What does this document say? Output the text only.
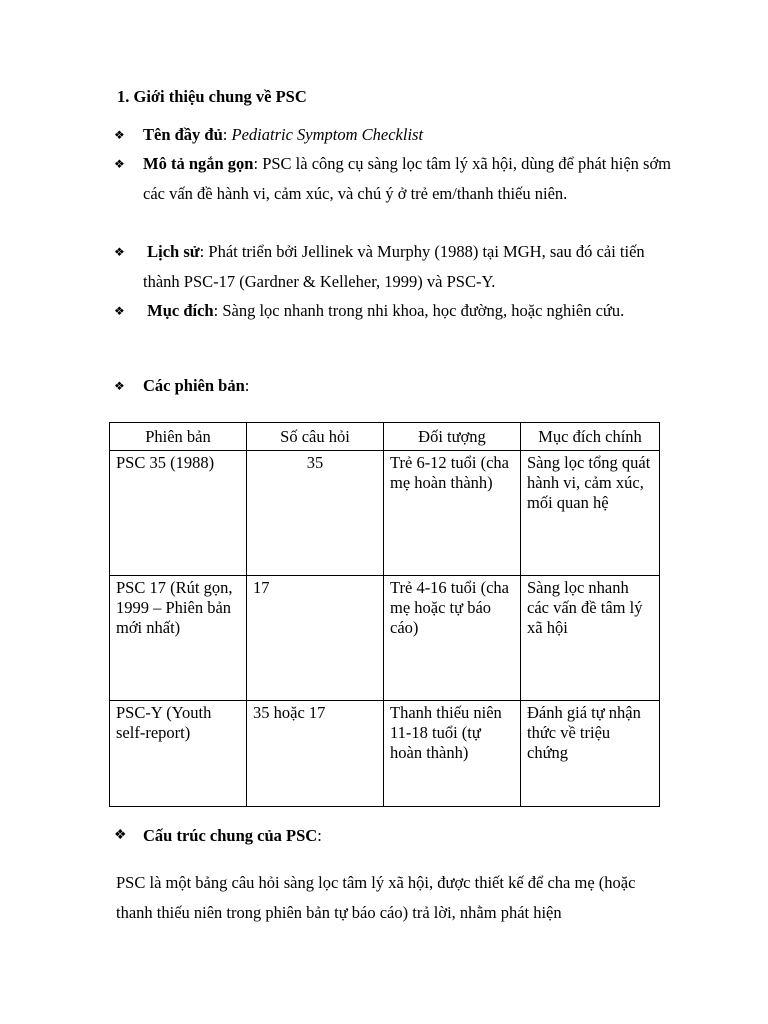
1. Giới thiệu chung về PSC
❖ Tên đầy đủ: Pediatric Symptom Checklist
❖ Mô tả ngắn gọn: PSC là công cụ sàng lọc tâm lý xã hội, dùng để phát hiện sớm các vấn đề hành vi, cảm xúc, và chú ý ở trẻ em/thanh thiếu niên.
❖ Lịch sử: Phát triển bởi Jellinek và Murphy (1988) tại MGH, sau đó cải tiến thành PSC-17 (Gardner & Kelleher, 1999) và PSC-Y.
❖ Mục đích: Sàng lọc nhanh trong nhi khoa, học đường, hoặc nghiên cứu.
❖ Các phiên bản:
Phiên bản	Số câu hỏi	Đối tượng	Mục đích chính
PSC 35 (1988)	35	Trẻ 6-12 tuổi (cha mẹ hoàn thành)	Sàng lọc tổng quát hành vi, cảm xúc, mối quan hệ
PSC 17 (Rút gọn, 1999 – Phiên bản mới nhất)	17	Trẻ 4-16 tuổi (cha mẹ hoặc tự báo cáo)	Sàng lọc nhanh các vấn đề tâm lý xã hội
PSC-Y (Youth self-report)	35 hoặc 17	Thanh thiếu niên 11-18 tuổi (tự hoàn thành)	Đánh giá tự nhận thức về triệu chứng
❖ Cấu trúc chung của PSC:
PSC là một bảng câu hỏi sàng lọc tâm lý xã hội, được thiết kế để cha mẹ (hoặc thanh thiếu niên trong phiên bản tự báo cáo) trả lời, nhằm phát hiện
